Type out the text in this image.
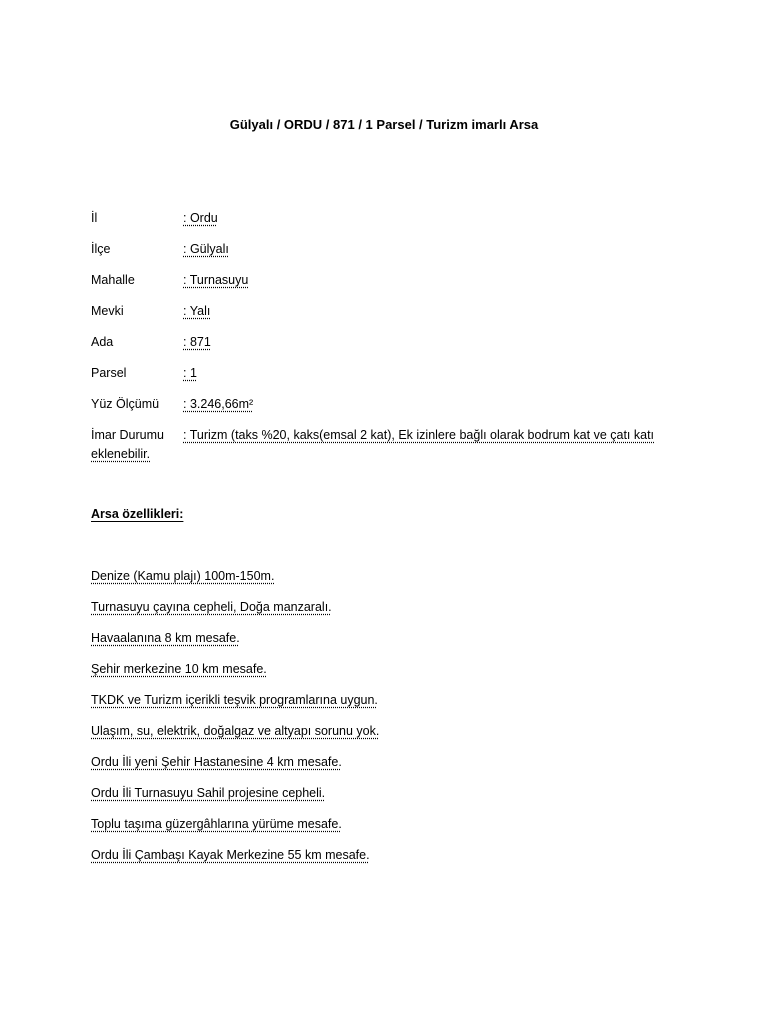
Gülyalı / ORDU / 871 / 1 Parsel / Turizm imarlı Arsa
İl	: Ordu
İlçe	: Gülyalı
Mahalle	: Turnasuyu
Mevki	: Yalı
Ada	: 871
Parsel	: 1
Yüz Ölçümü : 3.246,66m²
İmar Durumu : Turizm (taks %20, kaks(emsal 2 kat), Ek izinlere bağlı olarak bodrum kat ve çatı katı eklenebilir.
Arsa özellikleri:
Denize (Kamu plajı) 100m-150m.
Turnasuyu çayına cepheli, Doğa manzaralı.
Havaalanına 8 km mesafe.
Şehir merkezine 10 km mesafe.
TKDK ve Turizm içerikli teşvik programlarına uygun.
Ulaşım, su, elektrik, doğalgaz ve altyapı sorunu yok.
Ordu İli yeni Şehir Hastanesine 4 km mesafe.
Ordu İli Turnasuyu Sahil projesine cepheli.
Toplu taşıma güzergâhlarına yürüme mesafe.
Ordu İli Çambaşı Kayak Merkezine 55 km mesafe.
